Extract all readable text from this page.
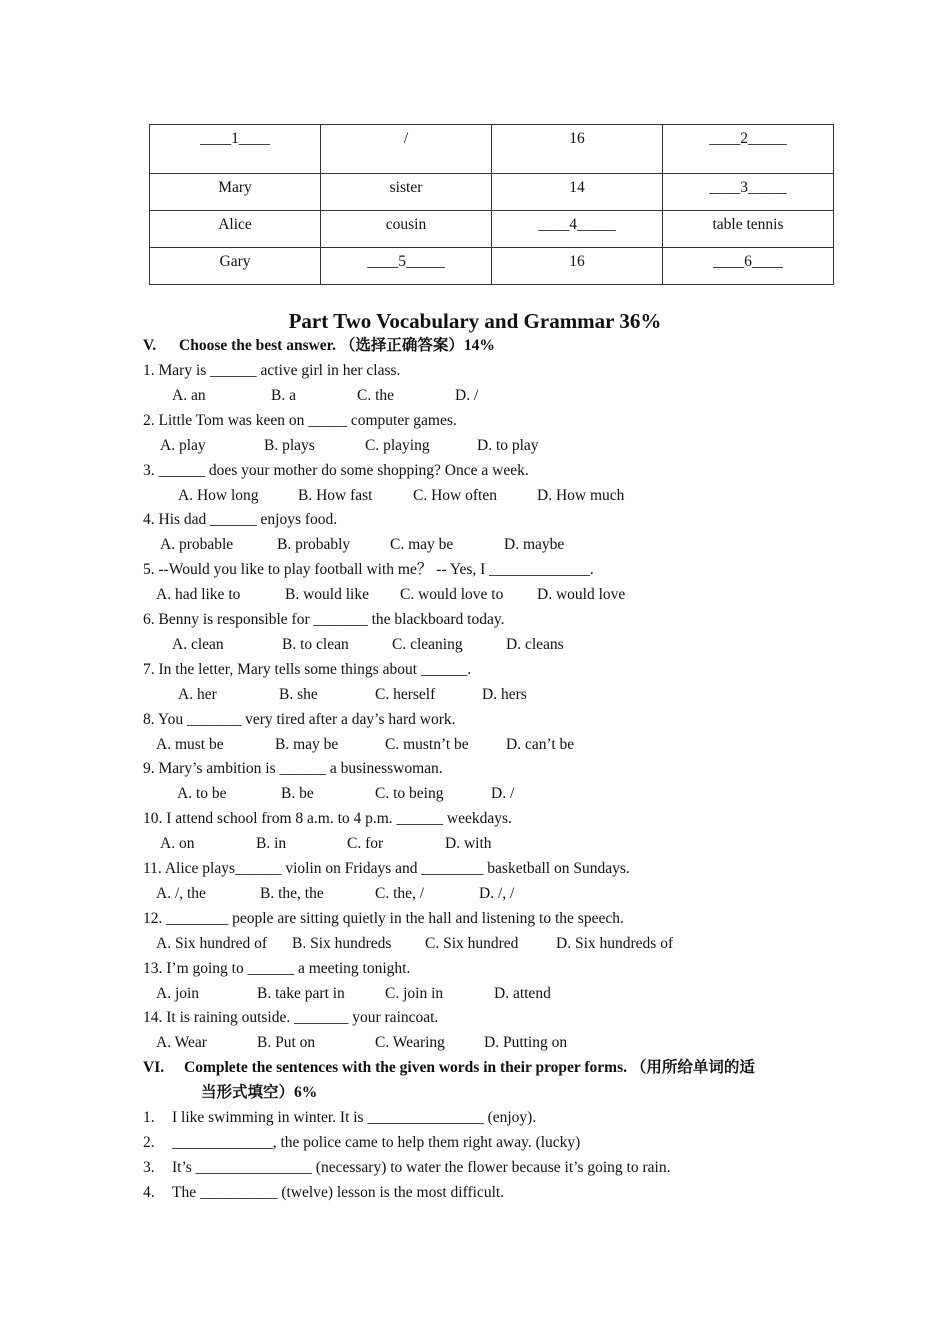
____1____	/	16	____2_____
Mary	sister	14	____3_____
Alice	cousin	____4_____	table tennis
Gary	____5_____	16	____6____
Part Two Vocabulary and Grammar 36%
V. Choose the best answer. （选择正确答案）14%
1. Mary is ______ active girl in her class.
A. an	B. a	C. the	D. /
2. Little Tom was keen on _____ computer games.
A. play	B. plays	C. playing	D. to play
3. ______ does your mother do some shopping? Once a week.
A. How long	B. How fast	C. How often	D. How much
4. His dad ______ enjoys food.
A. probable	B. probably	C. may be	D. maybe
5. --Would you like to play football with me？ -- Yes, I _____________.
A. had like to	B. would like C. would love to D. would love
6. Benny is responsible for _______ the blackboard today.
A. clean	B. to clean	C. cleaning	D. cleans
7. In the letter, Mary tells some things about ______.
A. her	B. she	C. herself	D. hers
8. You _______ very tired after a day’s hard work.
A. must be	B. may be	C. mustn’t be D. can’t be
9. Mary’s ambition is ______ a businesswoman.
A. to be	B. be	C. to being	D. /
10. I attend school from 8 a.m. to 4 p.m. ______ weekdays.
A. on	B. in	C. for	D. with
11. Alice plays______ violin on Fridays and ________ basketball on Sundays.
A. /, the	B. the, the	C. the, /	D. /, /
12. ________ people are sitting quietly in the hall and listening to the speech.
A. Six hundred of B. Six hundreds C. Six hundred D. Six hundreds of
13. I’m going to ______ a meeting tonight.
A. join	B. take part in	C. join in	D. attend
14. It is raining outside. _______ your raincoat.
A. Wear	B. Put on	C. Wearing	D. Putting on
VI. Complete the sentences with the given words in their proper forms. （用所给单词的适
当形式填空）6%
1. I like swimming in winter. It is _______________ (enjoy).
2. _____________, the police came to help them right away. (lucky)
3. It’s _______________ (necessary) to water the flower because it’s going to rain.
4. The __________ (twelve) lesson is the most difficult.
